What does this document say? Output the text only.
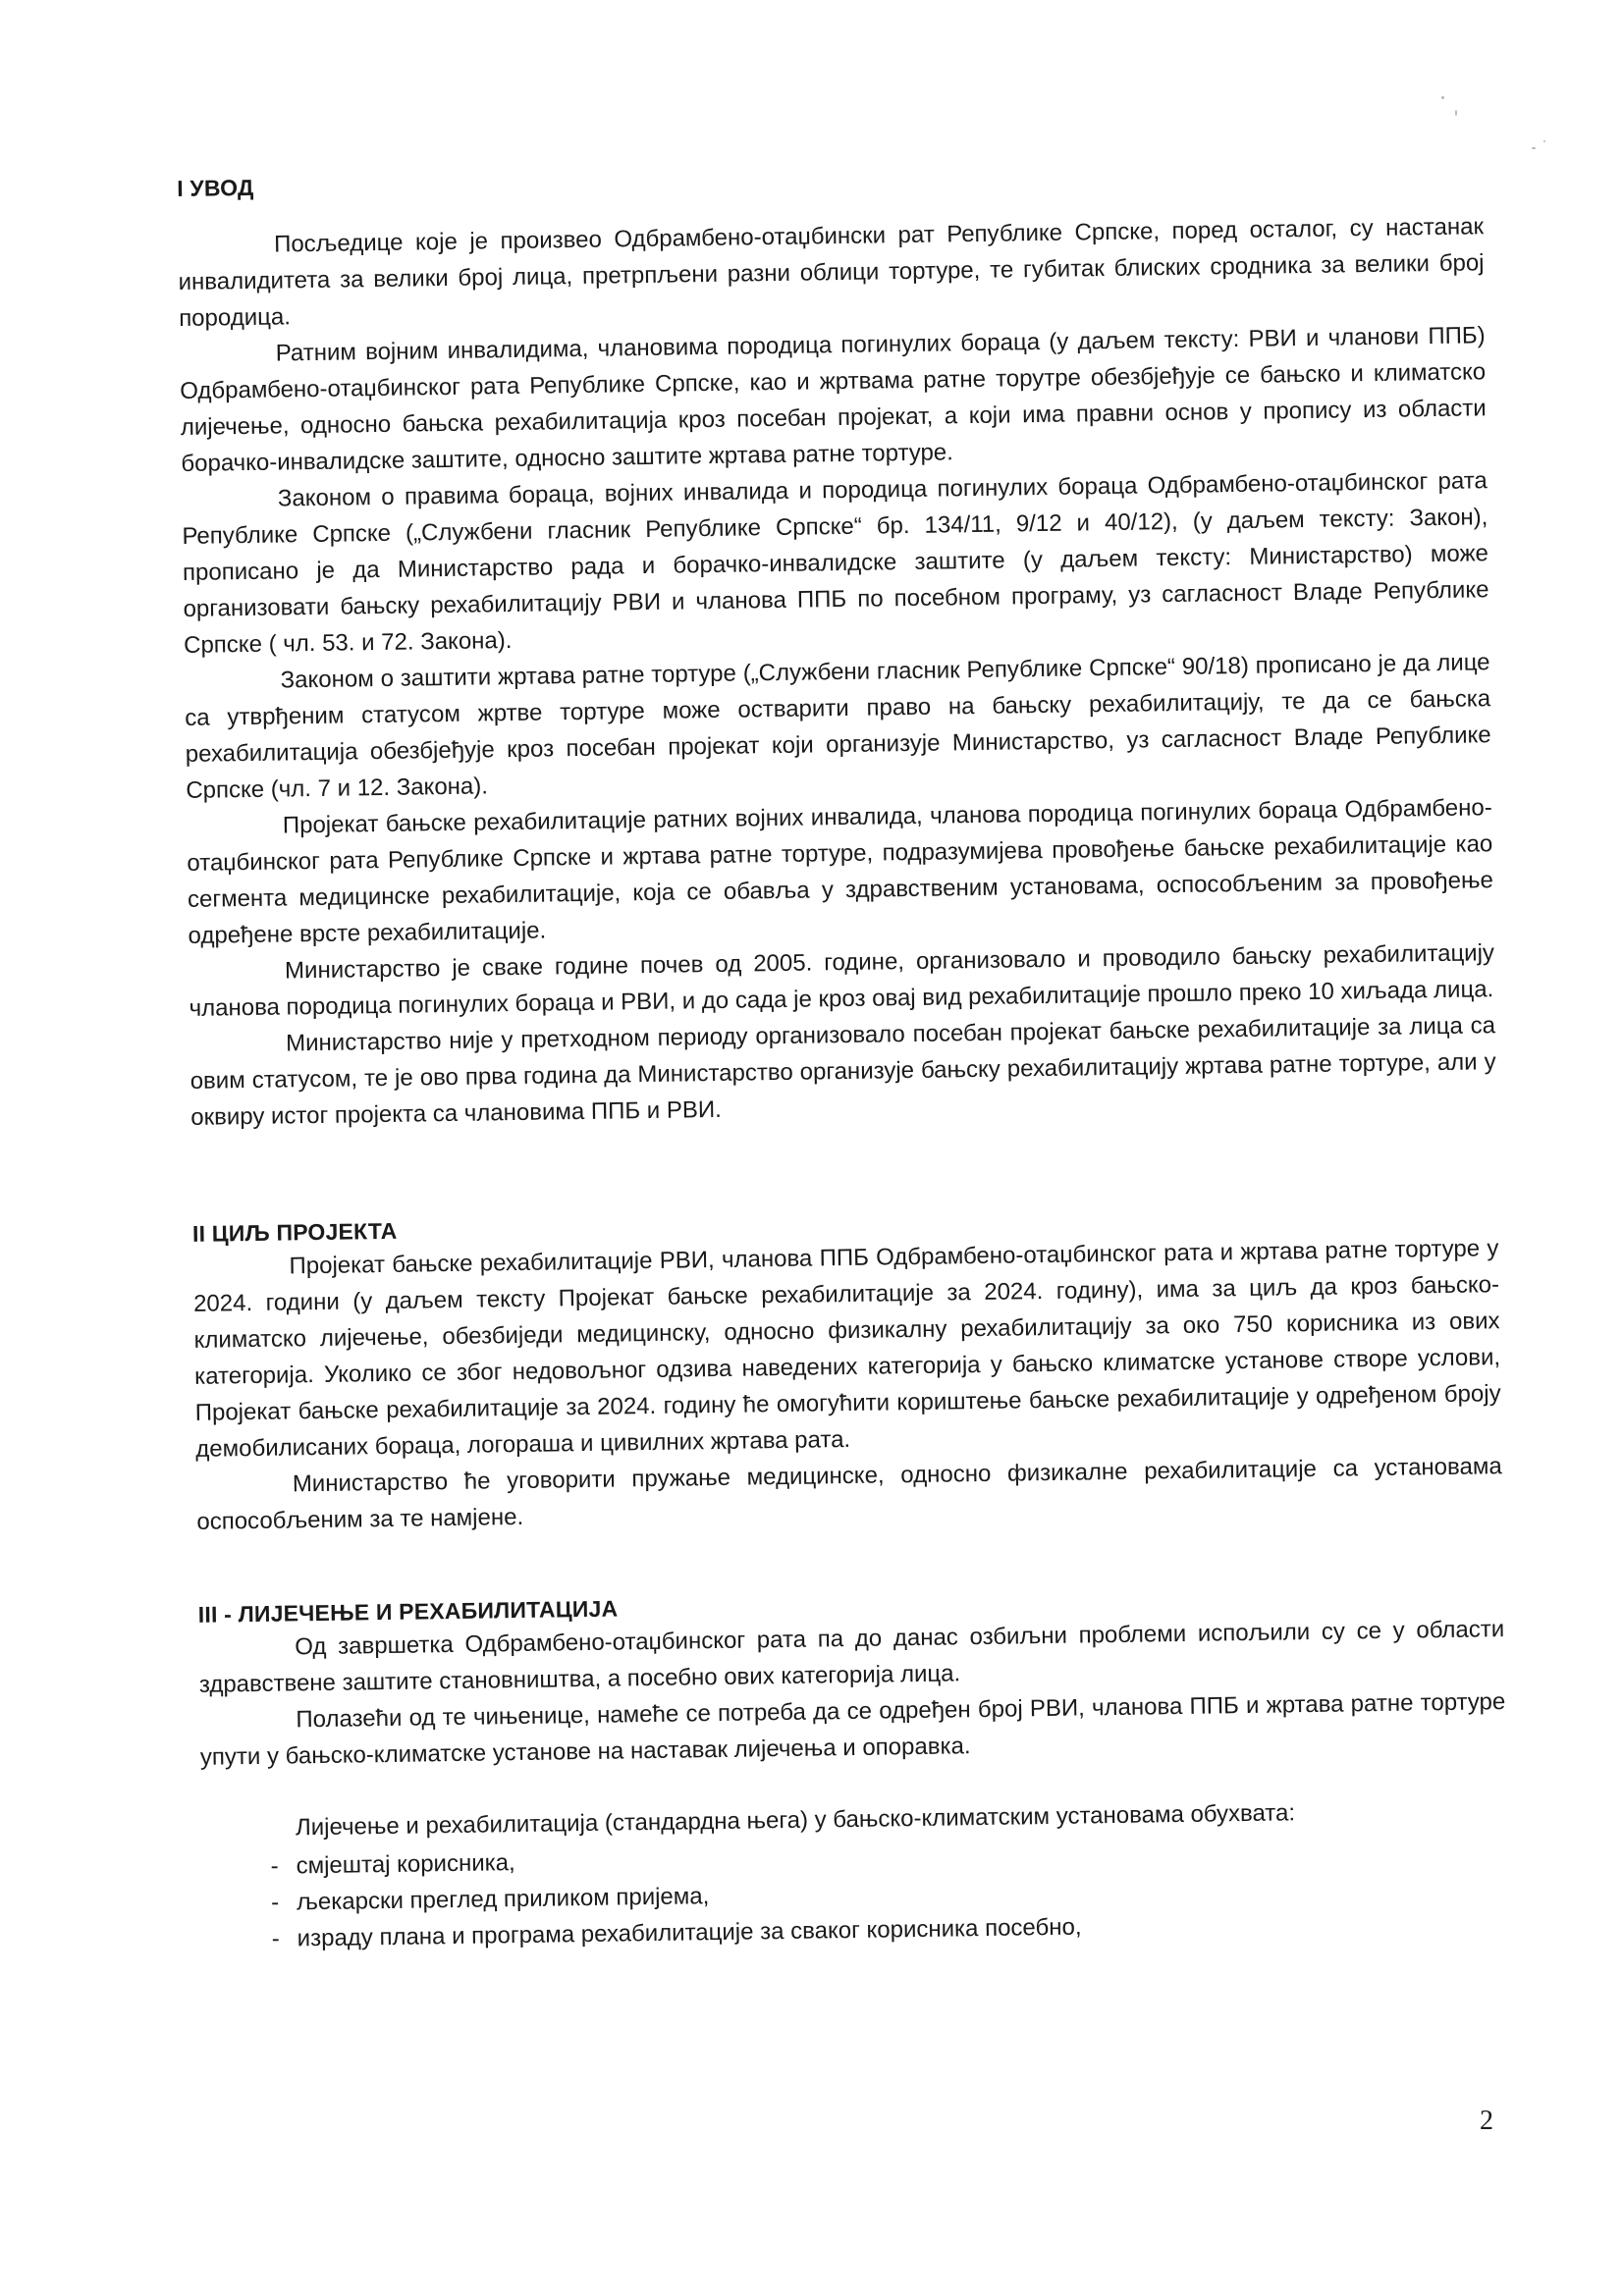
I УВОД

Посљедице које је произвео Одбрамбено-отаџбински рат Републике Српске, поред осталог, су настанак инвалидитета за велики број лица, претрпљени разни облици тортуре, те губитак блиских сродника за велики број породица.

Ратним војним инвалидима, члановима породица погинулих бораца (у даљем тексту: РВИ и чланови ППБ) Одбрамбено-отаџбинског рата Републике Српске, као и жртвама ратне торутре обезбјеђује се бањско и климатско лијечење, односно бањска рехабилитација кроз посебан пројекат, а који има правни основ у пропису из области борачко-инвалидске заштите, односно заштите жртава ратне тортуре.

Законом о правима бораца, војних инвалида и породица погинулих бораца Одбрамбено-отаџбинског рата Републике Српске („Службени гласник Републике Српске“ бр. 134/11, 9/12 и 40/12), (у даљем тексту: Закон), прописано је да Министарство рада и борачко-инвалидске заштите (у даљем тексту: Министарство) може организовати бањску рехабилитацију РВИ и чланова ППБ по посебном програму, уз сагласност Владе Републике Српске ( чл. 53. и 72. Закона).

Законом о заштити жртава ратне тортуре („Службени гласник Републике Српске“ 90/18) прописано је да лице са утврђеним статусом жртве тортуре може остварити право на бањску рехабилитацију, те да се бањска рехабилитација обезбјеђује кроз посебан пројекат који организује Министарство, уз сагласност Владе Републике Српске (чл. 7 и 12. Закона).

Пројекат бањске рехабилитације ратних војних инвалида, чланова породица погинулих бораца Одбрамбено-отаџбинског рата Републике Српске и жртава ратне тортуре, подразумијева провођење бањске рехабилитације као сегмента медицинске рехабилитације, која се обавља у здравственим установама, оспособљеним за провођење одређене врсте рехабилитације.

Министарство је сваке године почев од 2005. године, организовало и проводило бањску рехабилитацију чланова породица погинулих бораца и РВИ, и до сада је кроз овај вид рехабилитације прошло преко 10 хиљада лица.

Министарство није у претходном периоду организовало посебан пројекат бањске рехабилитације за лица са овим статусом, те је ово прва година да Министарство организује бањску рехабилитацију жртава ратне тортуре, али у оквиру истог пројекта са члановима ППБ и РВИ.

II ЦИЉ ПРОЈЕКТА

Пројекат бањске рехабилитације РВИ, чланова ППБ Одбрамбено-отаџбинског рата и жртава ратне тортуре у 2024. години (у даљем тексту Пројекат бањске рехабилитације за 2024. годину), има за циљ да кроз бањско-климатско лијечење, обезбиједи медицинску, односно физикалну рехабилитацију за око 750 корисника из ових категорија. Уколико се због недовољног одзива наведених категорија у бањско климатске установе створе услови, Пројекат бањске рехабилитације за 2024. годину ће омогућити кориштење бањске рехабилитације у одређеном броју демобилисаних бораца, логораша и цивилних жртава рата.

Министарство ће уговорити пружање медицинске, односно физикалне рехабилитације са установама оспособљеним за те намјене.

III - ЛИЈЕЧЕЊЕ И РЕХАБИЛИТАЦИЈА

Од завршетка Одбрамбено-отаџбинског рата па до данас озбиљни проблеми испољили су се у области здравствене заштите становништва, а посебно ових категорија лица.

Полазећи од те чињенице, намеће се потреба да се одређен број РВИ, чланова ППБ и жртава ратне тортуре упути у бањско-климатске установе на наставак лијечења и опоравка.

Лијечење и рехабилитација (стандардна њега) у бањско-климатским установама обухвата:

- смјештај корисника,
- љекарски преглед приликом пријема,
- израду плана и програма рехабилитације за сваког корисника посебно,
2
